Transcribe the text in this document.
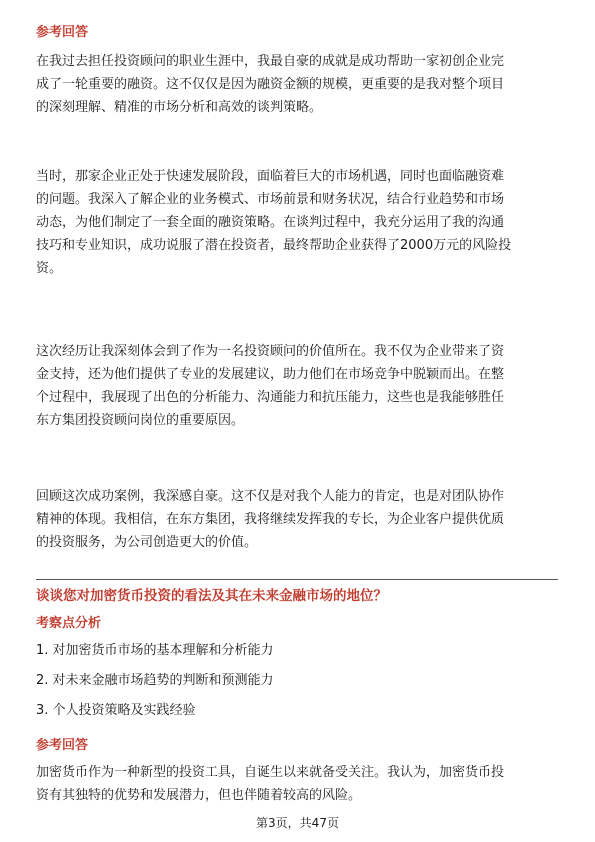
参考回答
在我过去担任投资顾问的职业生涯中，我最自豪的成就是成功帮助一家初创企业完
成了一轮重要的融资。这不仅仅是因为融资金额的规模，更重要的是我对整个项目
的深刻理解、精准的市场分析和高效的谈判策略。
当时，那家企业正处于快速发展阶段，面临着巨大的市场机遇，同时也面临融资难
的问题。我深入了解企业的业务模式、市场前景和财务状况，结合行业趋势和市场
动态，为他们制定了一套全面的融资策略。在谈判过程中，我充分运用了我的沟通
技巧和专业知识，成功说服了潜在投资者，最终帮助企业获得了2000万元的风险投
资。
这次经历让我深刻体会到了作为一名投资顾问的价值所在。我不仅为企业带来了资
金支持，还为他们提供了专业的发展建议，助力他们在市场竞争中脱颖而出。在整
个过程中，我展现了出色的分析能力、沟通能力和抗压能力，这些也是我能够胜任
东方集团投资顾问岗位的重要原因。
回顾这次成功案例，我深感自豪。这不仅是对我个人能力的肯定，也是对团队协作
精神的体现。我相信，在东方集团，我将继续发挥我的专长，为企业客户提供优质
的投资服务，为公司创造更大的价值。
谈谈您对加密货币投资的看法及其在未来金融市场的地位？
考察点分析
1. 对加密货币市场的基本理解和分析能力
2. 对未来金融市场趋势的判断和预测能力
3. 个人投资策略及实践经验
参考回答
加密货币作为一种新型的投资工具，自诞生以来就备受关注。我认为，加密货币投
资有其独特的优势和发展潜力，但也伴随着较高的风险。
第3页，共47页
